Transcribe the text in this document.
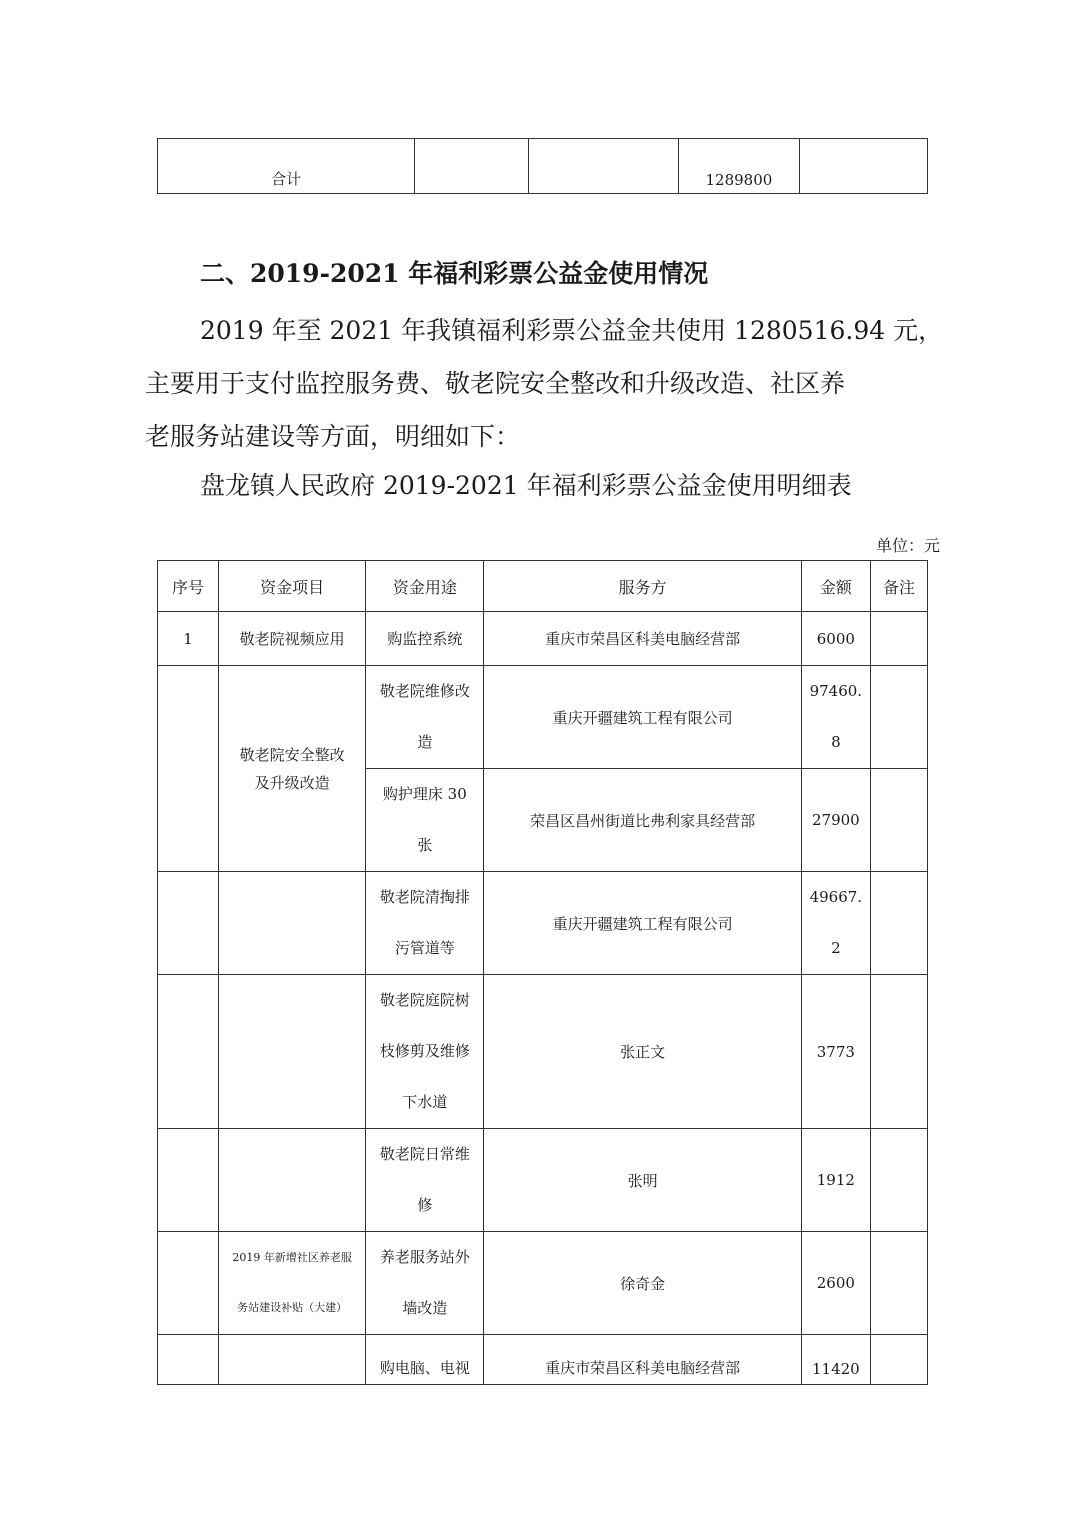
合计			1289800	
二、2019-2021 年福利彩票公益金使用情况
2019 年至 2021 年我镇福利彩票公益金共使用 1280516.94 元，
主要用于支付监控服务费、敬老院安全整改和升级改造、社区养
老服务站建设等方面，明细如下：
盘龙镇人民政府 2019-2021 年福利彩票公益金使用明细表
单位：元
序号	资金项目	资金用途	服务方	金额	备注
1	敬老院视频应用	购监控系统	重庆市荣昌区科美电脑经营部	6000	

	敬老院安全整改
及升级改造	敬老院维修改
造	重庆开疆建筑工程有限公司	97460.
8	

		购护理床 30
张	荣昌区昌州街道比弗利家具经营部	27900	

		敬老院清掏排
污管道等	重庆开疆建筑工程有限公司	49667.
2	

		敬老院庭院树
枝修剪及维修
下水道	张正文	3773	

		敬老院日常维
修	张明	1912	

	2019 年新增社区养老服
务站建设补贴（大建）	养老服务站外
墙改造	徐奇金	2600	
		购电脑、电视	重庆市荣昌区科美电脑经营部	11420	
